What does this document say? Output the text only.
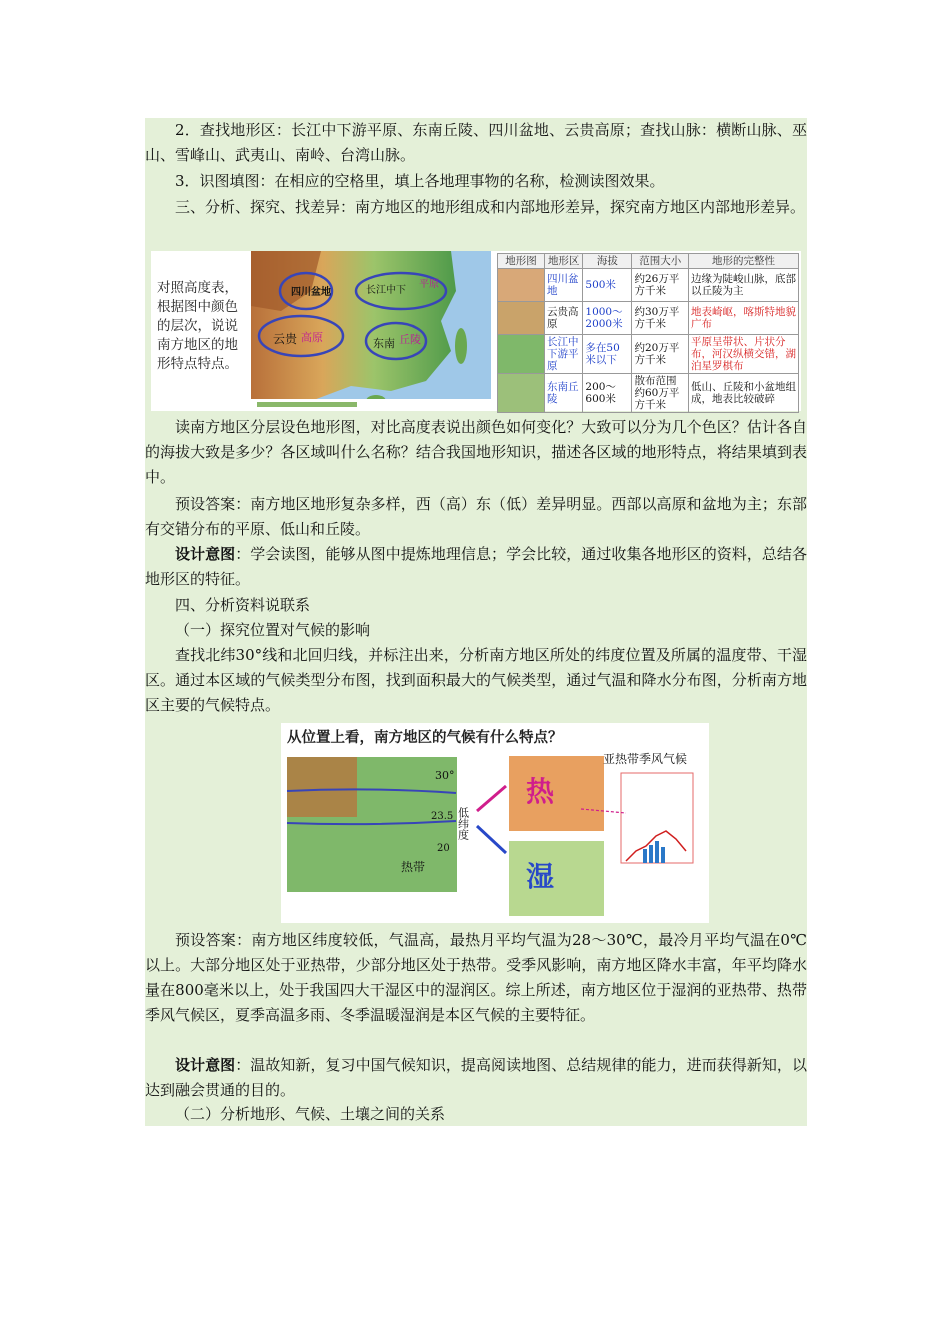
2．查找地形区：长江中下游平原、东南丘陵、四川盆地、云贵高原；查找山脉：横断山脉、巫山、雪峰山、武夷山、南岭、台湾山脉。

3．识图填图：在相应的空格里，填上各地理事物的名称，检测读图效果。

三、分析、探究、找差异：南方地区的地形组成和内部地形差异，探究南方地区内部地形差异。

对照高度表，根据图中颜色的层次，说说南方地区的地形特点特点。
四川盆地
云贵 高原
长江中下
平原
东南 丘陵
地形图	地形区	海拔	范围大小	地形的完整性
	四川盆地	500米	约26万平方千米	边缘为陡峻山脉，底部以丘陵为主
	云贵高原	1000～2000米	约30万平方千米	地表崎岖，喀斯特地貌广布
	长江中下游平原	多在50米以下	约20万平方千米	平原呈带状、片状分布，河汉纵横交错，湖泊星罗棋布
	东南丘陵	200～600米	散布范围约60万平方千米	低山、丘陵和小盆地组成，地表比较破碎

读南方地区分层设色地形图，对比高度表说出颜色如何变化？大致可以分为几个色区？估计各自的海拔大致是多少？各区域叫什么名称？结合我国地形知识，描述各区域的地形特点，将结果填到表中。

预设答案：南方地区地形复杂多样，西（高）东（低）差异明显。西部以高原和盆地为主；东部有交错分布的平原、低山和丘陵。

设计意图：学会读图，能够从图中提炼地理信息；学会比较，通过收集各地形区的资料，总结各地形区的特征。

四、分析资料说联系

（一）探究位置对气候的影响

查找北纬30°线和北回归线，并标注出来，分析南方地区所处的纬度位置及所属的温度带、干湿区。通过本区域的气候类型分布图，找到面积最大的气候类型，通过气温和降水分布图，分析南方地区主要的气候特点。

从位置上看，南方地区的气候有什么特点？
30°
23.5
20
热带
低纬度
热
湿
亚热带季风气候

预设答案：南方地区纬度较低，气温高，最热月平均气温为28～30℃，最冷月平均气温在0℃以上。大部分地区处于亚热带，少部分地区处于热带。受季风影响，南方地区降水丰富，年平均降水量在800毫米以上，处于我国四大干湿区中的湿润区。综上所述，南方地区位于湿润的亚热带、热带季风气候区，夏季高温多雨、冬季温暖湿润是本区气候的主要特征。

设计意图：温故知新，复习中国气候知识，提高阅读地图、总结规律的能力，进而获得新知，以达到融会贯通的目的。

（二）分析地形、气候、土壤之间的关系
